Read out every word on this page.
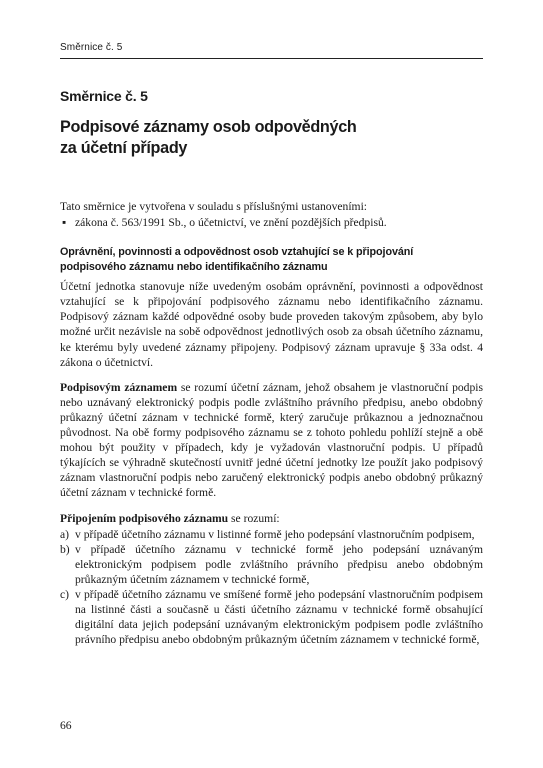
Směrnice č. 5
Směrnice č. 5
Podpisové záznamy osob odpovědných
za účetní případy

Tato směrnice je vytvořena v souladu s příslušnými ustanoveními:

▪ zákona č. 563/1991 Sb., o účetnictví, ve znění pozdějších předpisů.
Oprávnění, povinnosti a odpovědnost osob vztahující se k připojování
podpisového záznamu nebo identifikačního záznamu

Účetní jednotka stanovuje níže uvedeným osobám oprávnění, povinnosti a odpovědnost vztahující se k připojování podpisového záznamu nebo identifikačního záznamu. Podpisový záznam každé odpovědné osoby bude proveden takovým způsobem, aby bylo možné určit nezávisle na sobě odpovědnost jednotlivých osob za obsah účetního záznamu, ke kterému byly uvedené záznamy připojeny. Podpisový záznam upravuje § 33a odst. 4 zákona o účetnictví.

Podpisovým záznamem se rozumí účetní záznam, jehož obsahem je vlastnoruční podpis nebo uznávaný elektronický podpis podle zvláštního právního předpisu, anebo obdobný průkazný účetní záznam v technické formě, který zaručuje průkaznou a jednoznačnou původnost. Na obě formy podpisového záznamu se z tohoto pohledu pohlíží stejně a obě mohou být použity v případech, kdy je vyžadován vlastnoruční podpis. U případů týkajících se výhradně skutečností uvnitř jedné účetní jednotky lze použít jako podpisový záznam vlastnoruční podpis nebo zaručený elektronický podpis anebo obdobný průkazný účetní záznam v technické formě.

Připojením podpisového záznamu se rozumí:

a) v případě účetního záznamu v listinné formě jeho podepsání vlastnoručním podpisem,
b) v případě účetního záznamu v technické formě jeho podepsání uznávaným elektronickým podpisem podle zvláštního právního předpisu anebo obdobným průkazným účetním záznamem v technické formě,
c) v případě účetního záznamu ve smíšené formě jeho podepsání vlastnoručním podpisem na listinné části a současně u části účetního záznamu v technické formě obsahující digitální data jejich podepsání uznávaným elektronickým podpisem podle zvláštního právního předpisu anebo obdobným průkazným účetním záznamem v technické formě,
66
